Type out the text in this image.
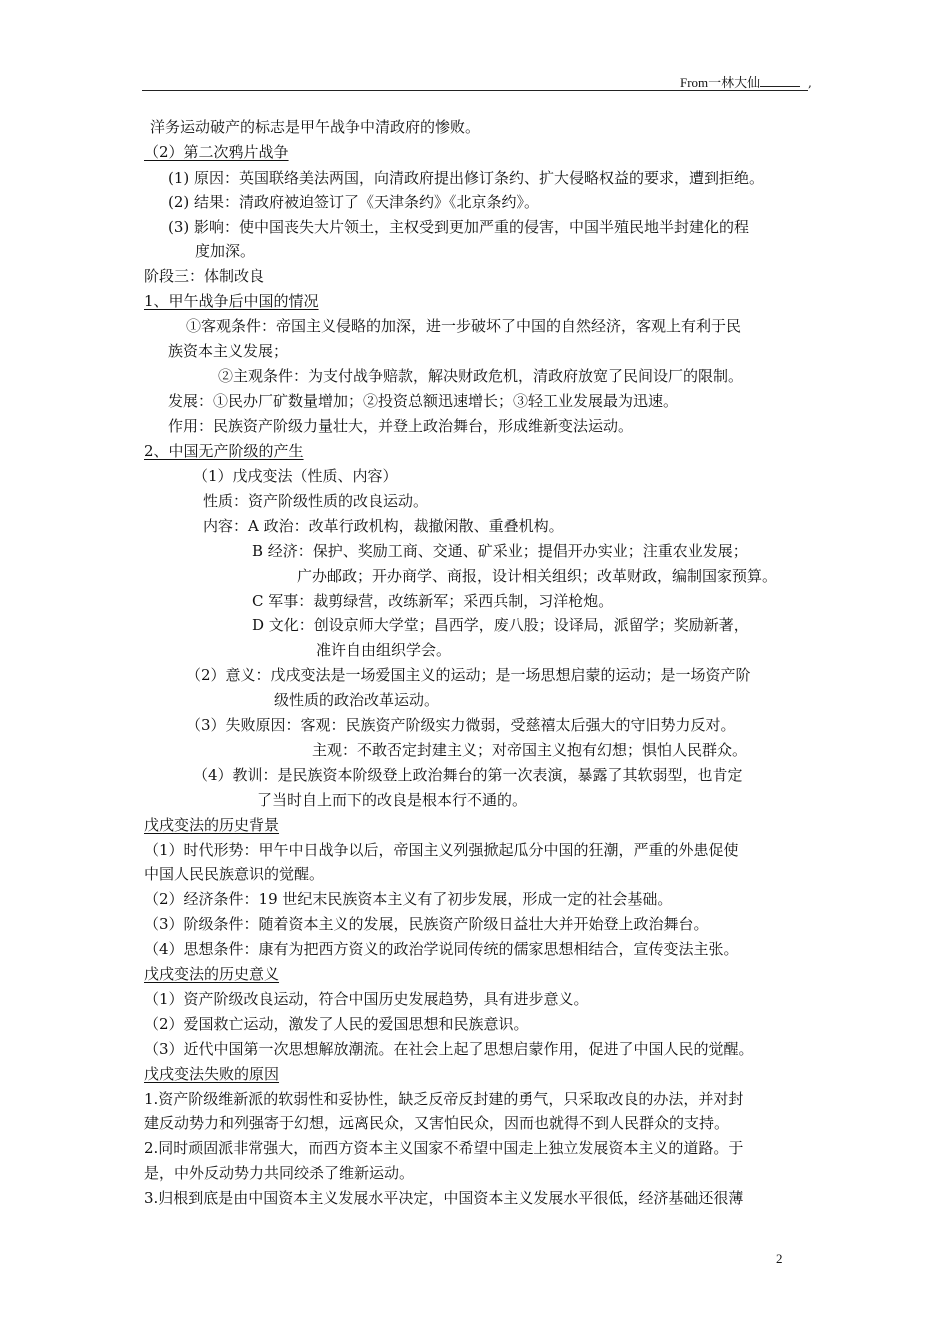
From一林大仙	,
洋务运动破产的标志是甲午战争中清政府的惨败。
（2）第二次鸦片战争
(1) 原因：英国联络美法两国，向清政府提出修订条约、扩大侵略权益的要求，遭到拒绝。
(2) 结果：清政府被迫签订了《天津条约》《北京条约》。
(3) 影响：使中国丧失大片领土，主权受到更加严重的侵害，中国半殖民地半封建化的程
度加深。
阶段三：体制改良
1、甲午战争后中国的情况
①客观条件：帝国主义侵略的加深，进一步破坏了中国的自然经济，客观上有利于民
族资本主义发展；
②主观条件：为支付战争赔款，解决财政危机，清政府放宽了民间设厂的限制。
发展：①民办厂矿数量增加；②投资总额迅速增长；③轻工业发展最为迅速。
作用：民族资产阶级力量壮大，并登上政治舞台，形成维新变法运动。
2、中国无产阶级的产生
（1）戊戌变法（性质、内容）
性质：资产阶级性质的改良运动。
内容：A 政治：改革行政机构，裁撤闲散、重叠机构。
B 经济：保护、奖励工商、交通、矿采业；提倡开办实业；注重农业发展；
广办邮政；开办商学、商报，设计相关组织；改革财政，编制国家预算。
C 军事：裁剪绿营，改练新军；采西兵制，习洋枪炮。
D 文化：创设京师大学堂；昌西学，废八股；设译局，派留学；奖励新著，
准许自由组织学会。
（2）意义：戊戌变法是一场爱国主义的运动；是一场思想启蒙的运动；是一场资产阶
级性质的政治改革运动。
（3）失败原因：客观：民族资产阶级实力微弱，受慈禧太后强大的守旧势力反对。
主观：不敢否定封建主义；对帝国主义抱有幻想；惧怕人民群众。
（4）教训：是民族资本阶级登上政治舞台的第一次表演，暴露了其软弱型，也肯定
了当时自上而下的改良是根本行不通的。
戊戌变法的历史背景
（1）时代形势：甲午中日战争以后，帝国主义列强掀起瓜分中国的狂潮，严重的外患促使
中国人民民族意识的觉醒。
（2）经济条件：19 世纪末民族资本主义有了初步发展，形成一定的社会基础。
（3）阶级条件：随着资本主义的发展，民族资产阶级日益壮大并开始登上政治舞台。
（4）思想条件：康有为把西方资义的政治学说同传统的儒家思想相结合，宣传变法主张。
戊戌变法的历史意义
（1）资产阶级改良运动，符合中国历史发展趋势，具有进步意义。
（2）爱国救亡运动，激发了人民的爱国思想和民族意识。
（3）近代中国第一次思想解放潮流。在社会上起了思想启蒙作用，促进了中国人民的觉醒。
戊戌变法失败的原因
1.资产阶级维新派的软弱性和妥协性，缺乏反帝反封建的勇气，只采取改良的办法，并对封
建反动势力和列强寄于幻想，远离民众，又害怕民众，因而也就得不到人民群众的支持。
2.同时顽固派非常强大，而西方资本主义国家不希望中国走上独立发展资本主义的道路。于
是，中外反动势力共同绞杀了维新运动。
3.归根到底是由中国资本主义发展水平决定，中国资本主义发展水平很低，经济基础还很薄
2
